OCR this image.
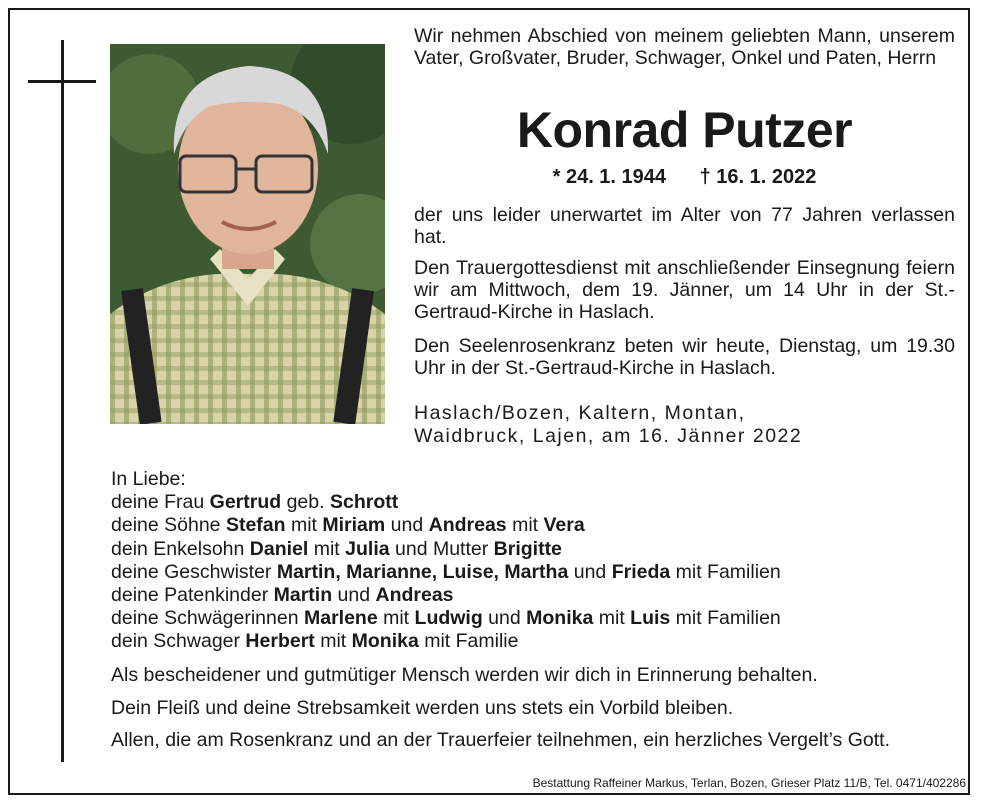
Wir nehmen Abschied von meinem geliebten Mann, unserem Vater, Großvater, Bruder, Schwager, Onkel und Paten, Herrn

Konrad Putzer

* 24. 1. 1944 † 16. 1. 2022

der uns leider unerwartet im Alter von 77 Jahren verlassen hat.

Den Trauergottesdienst mit anschließender Einsegnung feiern wir am Mittwoch, dem 19. Jänner, um 14 Uhr in der St.-Gertraud-Kirche in Haslach.

Den Seelenrosenkranz beten wir heute, Dienstag, um 19.30 Uhr in der St.-Gertraud-Kirche in Haslach.

Haslach/Bozen, Kaltern, Montan,
Waidbruck, Lajen, am 16. Jänner 2022
In Liebe:
deine Frau Gertrud geb. Schrott
deine Söhne Stefan mit Miriam und Andreas mit Vera
dein Enkelsohn Daniel mit Julia und Mutter Brigitte
deine Geschwister Martin, Marianne, Luise, Martha und Frieda mit Familien
deine Patenkinder Martin und Andreas
deine Schwägerinnen Marlene mit Ludwig und Monika mit Luis mit Familien
dein Schwager Herbert mit Monika mit Familie

Als bescheidener und gutmütiger Mensch werden wir dich in Erinnerung behalten.

Dein Fleiß und deine Strebsamkeit werden uns stets ein Vorbild bleiben.

Allen, die am Rosenkranz und an der Trauerfeier teilnehmen, ein herzliches Vergelt’s Gott.

Bestattung Raffeiner Markus, Terlan, Bozen, Grieser Platz 11/B, Tel. 0471/402286
